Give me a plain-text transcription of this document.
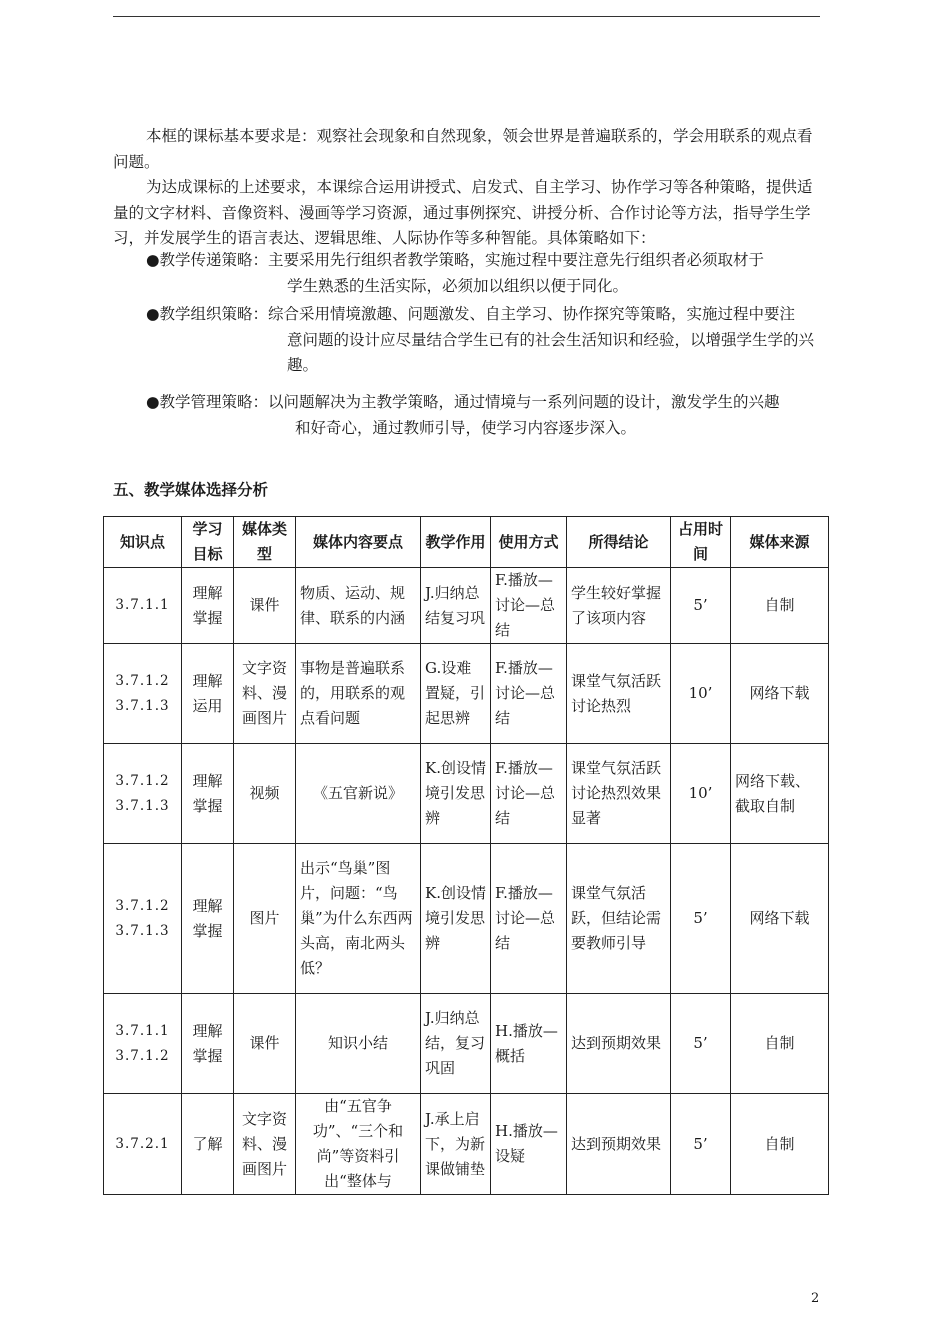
本框的课标基本要求是：观察社会现象和自然现象，领会世界是普遍联系的，学会用联系的观点看问题。

为达成课标的上述要求，本课综合运用讲授式、启发式、自主学习、协作学习等各种策略，提供适量的文字材料、音像资料、漫画等学习资源，通过事例探究、讲授分析、合作讨论等方法，指导学生学习，并发展学生的语言表达、逻辑思维、人际协作等多种智能。具体策略如下：

●教学传递策略：主要采用先行组织者教学策略，实施过程中要注意先行组织者必须取材于
学生熟悉的生活实际，必须加以组织以便于同化。
●教学组织策略：综合采用情境激趣、问题激发、自主学习、协作探究等策略，实施过程中要注
意问题的设计应尽量结合学生已有的社会生活知识和经验，以增强学生学的兴趣。
●教学管理策略：以问题解决为主教学策略，通过情境与一系列问题的设计，激发学生的兴趣
和好奇心，通过教师引导，使学习内容逐步深入。
五、教学媒体选择分析
知识点	学习目标	媒体类型	媒体内容要点	教学作用	使用方式	所得结论	占用时间	媒体来源

3.7.1.1	理解掌握	课件	物质、运动、规律、联系的内涵	J.归纳总结复习巩	F.播放—讨论—总结	学生较好掌握了该项内容	5’	自制

3.7.1.2 3.7.1.3	理解运用	文字资料、漫画图片	事物是普遍联系的，用联系的观点看问题	G.设难置疑，引起思辨	F.播放—讨论—总结	课堂气氛活跃讨论热烈	10’	网络下载

3.7.1.2 3.7.1.3	理解掌握	视频	《五官新说》	K.创设情境引发思辨	F.播放—讨论—总结	课堂气氛活跃讨论热烈效果显著	10’	网络下载、截取自制

3.7.1.2 3.7.1.3	理解掌握	图片	出示“鸟巢”图片，问题：“鸟巢”为什么东西两头高，南北两头低？	K.创设情境引发思辨	F.播放—讨论—总结	课堂气氛活跃，但结论需要教师引导	5’	网络下载

3.7.1.1 3.7.1.2	理解掌握	课件	知识小结	J.归纳总结，复习巩固	H.播放—概括	达到预期效果	5’	自制

3.7.2.1	了解	文字资料、漫画图片	由“五官争功”、“三个和尚”等资料引出“整体与	J.承上启下，为新课做铺垫	H.播放—设疑	达到预期效果	5’	自制
2
